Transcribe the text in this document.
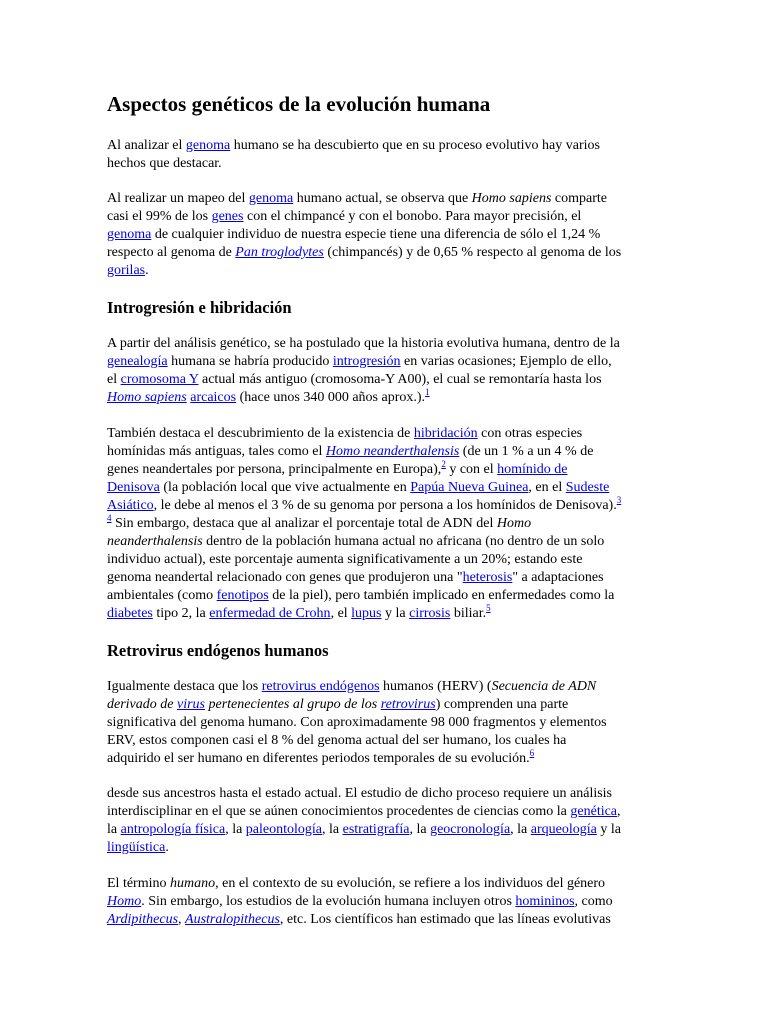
Aspectos genéticos de la evolución humana
Al analizar el genoma humano se ha descubierto que en su proceso evolutivo hay varios
hechos que destacar.
Al realizar un mapeo del genoma humano actual, se observa que Homo sapiens comparte
casi el 99% de los genes con el chimpancé y con el bonobo. Para mayor precisión, el
genoma de cualquier individuo de nuestra especie tiene una diferencia de sólo el 1,24 %
respecto al genoma de Pan troglodytes (chimpancés) y de 0,65 % respecto al genoma de los
gorilas.
Introgresión e hibridación
A partir del análisis genético, se ha postulado que la historia evolutiva humana, dentro de la
genealogía humana se habría producido introgresión en varias ocasiones; Ejemplo de ello,
el cromosoma Y actual más antiguo (cromosoma-Y A00), el cual se remontaría hasta los
Homo sapiens arcaicos (hace unos 340 000 años aprox.).$^1$
También destaca el descubrimiento de la existencia de hibridación con otras especies
homínidas más antiguas, tales como el Homo neanderthalensis (de un 1 % a un 4 % de
genes neandertales por persona, principalmente en Europa),$^2$ y con el homínido de
Denisova (la población local que vive actualmente en Papúa Nueva Guinea, en el Sudeste
Asiático, le debe al menos el 3 % de su genoma por persona a los homínidos de Denisova).$^3$
$^4$ Sin embargo, destaca que al analizar el porcentaje total de ADN del Homo
neanderthalensis dentro de la población humana actual no africana (no dentro de un solo
individuo actual), este porcentaje aumenta significativamente a un 20%; estando este
genoma neandertal relacionado con genes que produjeron una "heterosis" a adaptaciones
ambientales (como fenotipos de la piel), pero también implicado en enfermedades como la
diabetes tipo 2, la enfermedad de Crohn, el lupus y la cirrosis biliar.$^5$
Retrovirus endógenos humanos
Igualmente destaca que los retrovirus endógenos humanos (HERV) (Secuencia de ADN
derivado de virus pertenecientes al grupo de los retrovirus) comprenden una parte
significativa del genoma humano. Con aproximadamente 98 000 fragmentos y elementos
ERV, estos componen casi el 8 % del genoma actual del ser humano, los cuales ha
adquirido el ser humano en diferentes periodos temporales de su evolución.$^6$
desde sus ancestros hasta el estado actual. El estudio de dicho proceso requiere un análisis
interdisciplinar en el que se aúnen conocimientos procedentes de ciencias como la genética,
la antropología física, la paleontología, la estratigrafía, la geocronología, la arqueología y la
lingüística.
El término humano, en el contexto de su evolución, se refiere a los individuos del género
Homo. Sin embargo, los estudios de la evolución humana incluyen otros homininos, como
Ardipithecus, Australopithecus, etc. Los científicos han estimado que las líneas evolutivas
